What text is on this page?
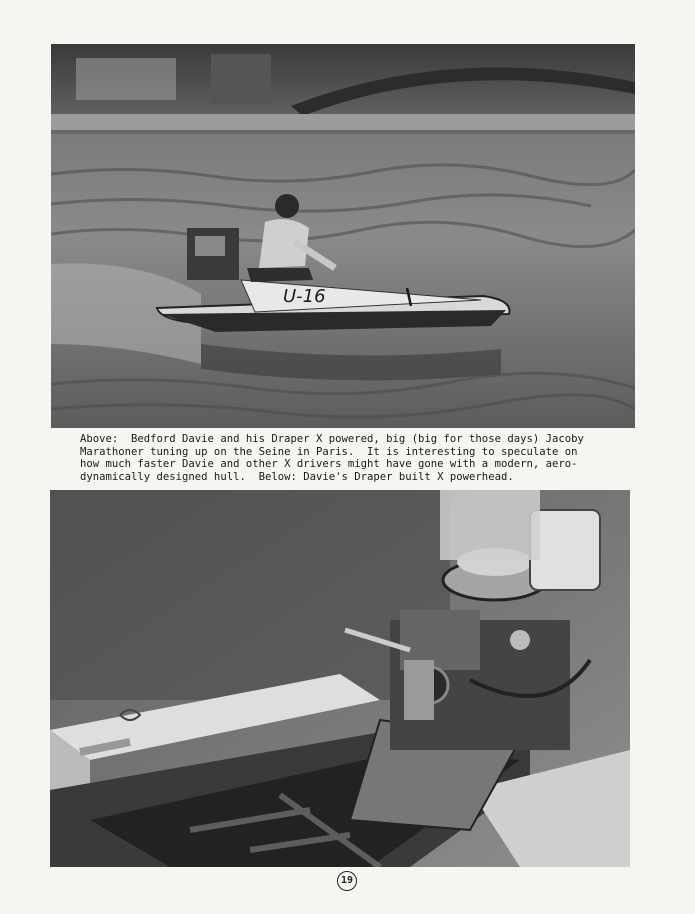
U-16
Above:  Bedford Davie and his Draper X powered, big (big for those days) Jacoby
Marathoner tuning up on the Seine in Paris.  It is interesting to speculate on
how much faster Davie and other X drivers might have gone with a modern, aero-
dynamically designed hull.  Below: Davie's Draper built X powerhead.
19
